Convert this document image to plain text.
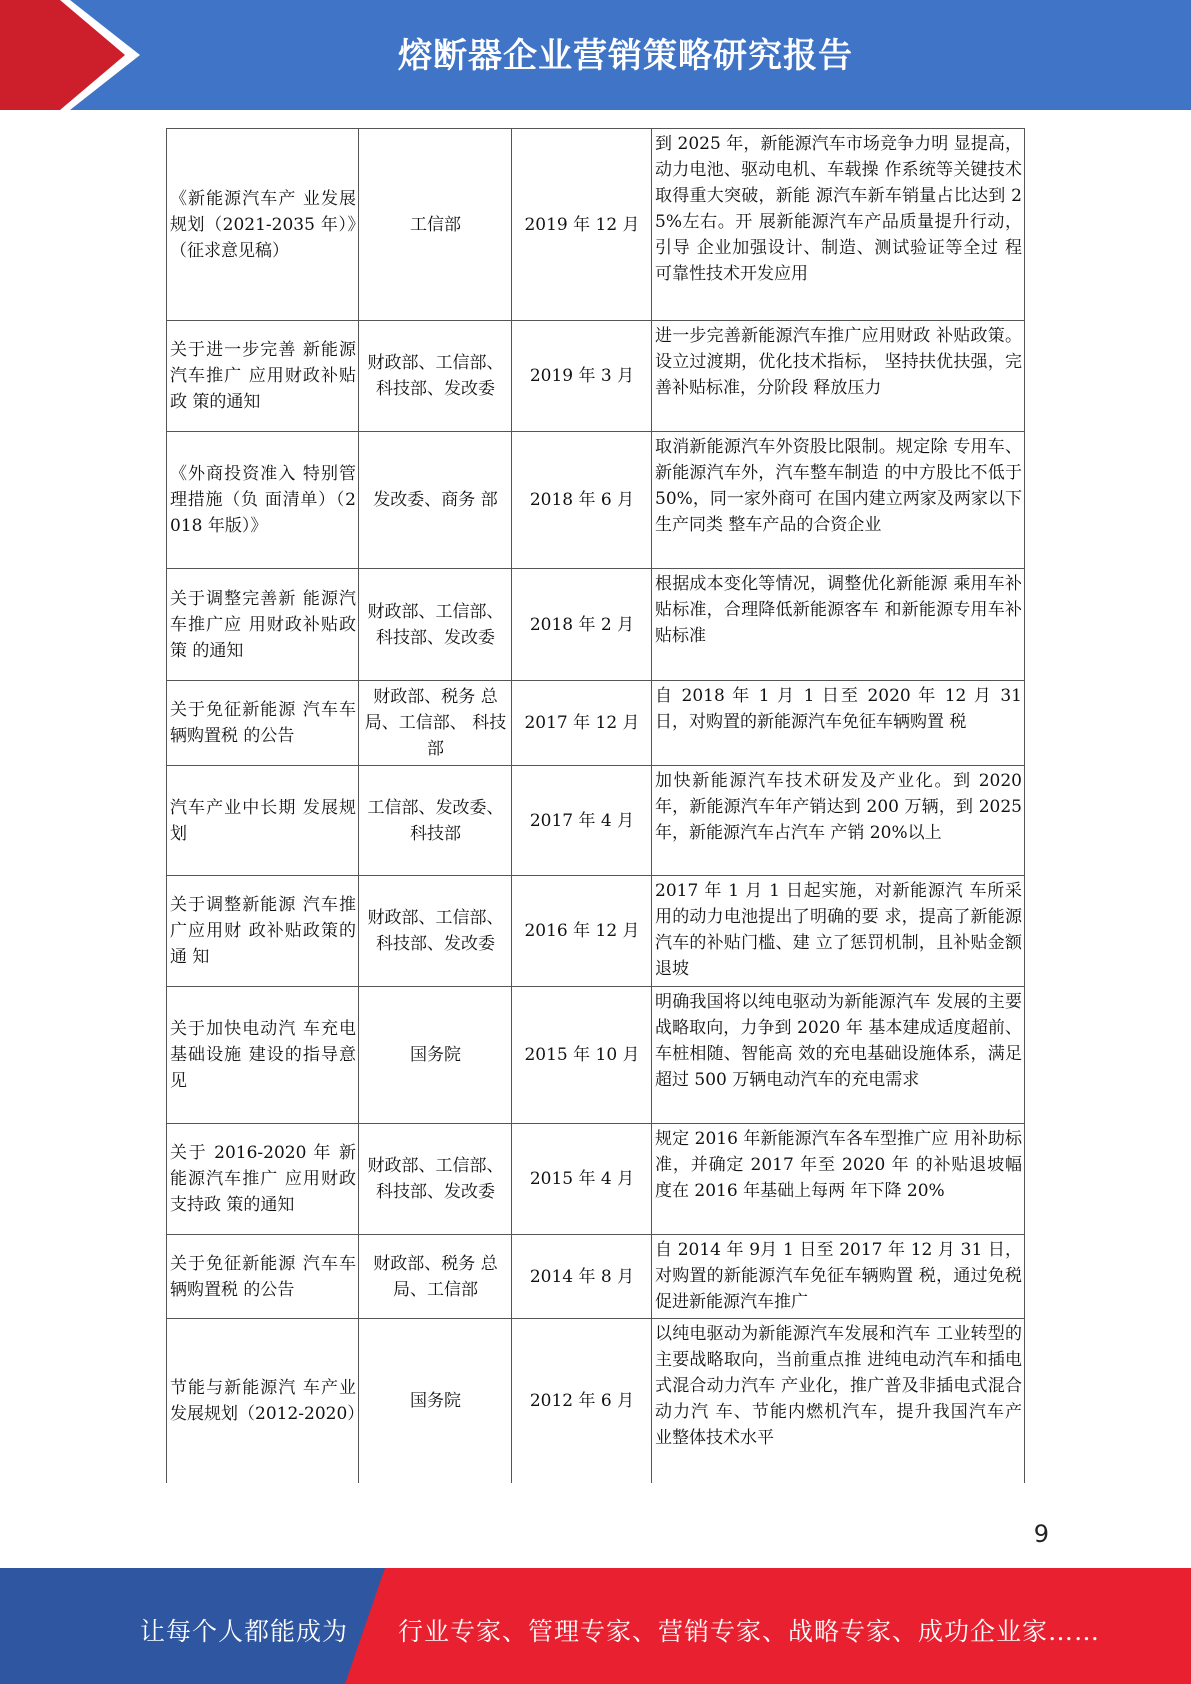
熔断器企业营销策略研究报告
《新能源汽车产 业发展规划（2021-2035 年）》（征求意见稿）	工信部	2019 年 12 月	到 2025 年，新能源汽车市场竞争力明 显提高，动力电池、驱动电机、车载操 作系统等关键技术取得重大突破，新能 源汽车新车销量占比达到 25%左右。开 展新能源汽车产品质量提升行动，引导 企业加强设计、制造、测试验证等全过 程可靠性技术开发应用
关于进一步完善 新能源汽车推广 应用财政补贴政 策的通知	财政部、工信部、科技部、发改委	2019 年 3 月	进一步完善新能源汽车推广应用财政 补贴政策。设立过渡期，优化技术指标， 坚持扶优扶强，完善补贴标准，分阶段 释放压力
《外商投资准入 特别管理措施（负 面清单）（2018 年版）》	发改委、商务 部	2018 年 6 月	取消新能源汽车外资股比限制。规定除 专用车、新能源汽车外，汽车整车制造 的中方股比不低于 50%，同一家外商可 在国内建立两家及两家以下生产同类 整车产品的合资企业
关于调整完善新 能源汽车推广应 用财政补贴政策 的通知	财政部、工信部、科技部、发改委	2018 年 2 月	根据成本变化等情况，调整优化新能源 乘用车补贴标准，合理降低新能源客车 和新能源专用车补贴标准
关于免征新能源 汽车车辆购置税 的公告	财政部、税务 总局、工信部、 科技部	2017 年 12 月	自 2018 年 1 月 1 日至 2020 年 12 月 31 日，对购置的新能源汽车免征车辆购置 税
汽车产业中长期 发展规划	工信部、发改委、科技部	2017 年 4 月	加快新能源汽车技术研发及产业化。到 2020 年，新能源汽车年产销达到 200 万辆，到 2025 年，新能源汽车占汽车 产销 20%以上
关于调整新能源 汽车推广应用财 政补贴政策的通 知	财政部、工信部、科技部、发改委	2016 年 12 月	2017 年 1 月 1 日起实施，对新能源汽 车所采用的动力电池提出了明确的要 求，提高了新能源汽车的补贴门槛、建 立了惩罚机制，且补贴金额退坡
关于加快电动汽 车充电基础设施 建设的指导意见	国务院	2015 年 10 月	明确我国将以纯电驱动为新能源汽车 发展的主要战略取向，力争到 2020 年 基本建成适度超前、车桩相随、智能高 效的充电基础设施体系，满足超过 500 万辆电动汽车的充电需求
关于 2016-2020 年 新能源汽车推广 应用财政支持政 策的通知	财政部、工信部、科技部、发改委	2015 年 4 月	规定 2016 年新能源汽车各车型推广应 用补助标准，并确定 2017 年至 2020 年 的补贴退坡幅度在 2016 年基础上每两 年下降 20%
关于免征新能源 汽车车辆购置税 的公告	财政部、税务 总局、工信部	2014 年 8 月	自 2014 年 9月 1 日至 2017 年 12 月 31 日，对购置的新能源汽车免征车辆购置 税，通过免税促进新能源汽车推广
节能与新能源汽 车产业发展规划（2012-2020）	国务院	2012 年 6 月	以纯电驱动为新能源汽车发展和汽车 工业转型的主要战略取向，当前重点推 进纯电动汽车和插电式混合动力汽车 产业化，推广普及非插电式混合动力汽 车、节能内燃机汽车，提升我国汽车产 业整体技术水平
9
让每个人都能成为 行业专家、管理专家、营销专家、战略专家、成功企业家……
